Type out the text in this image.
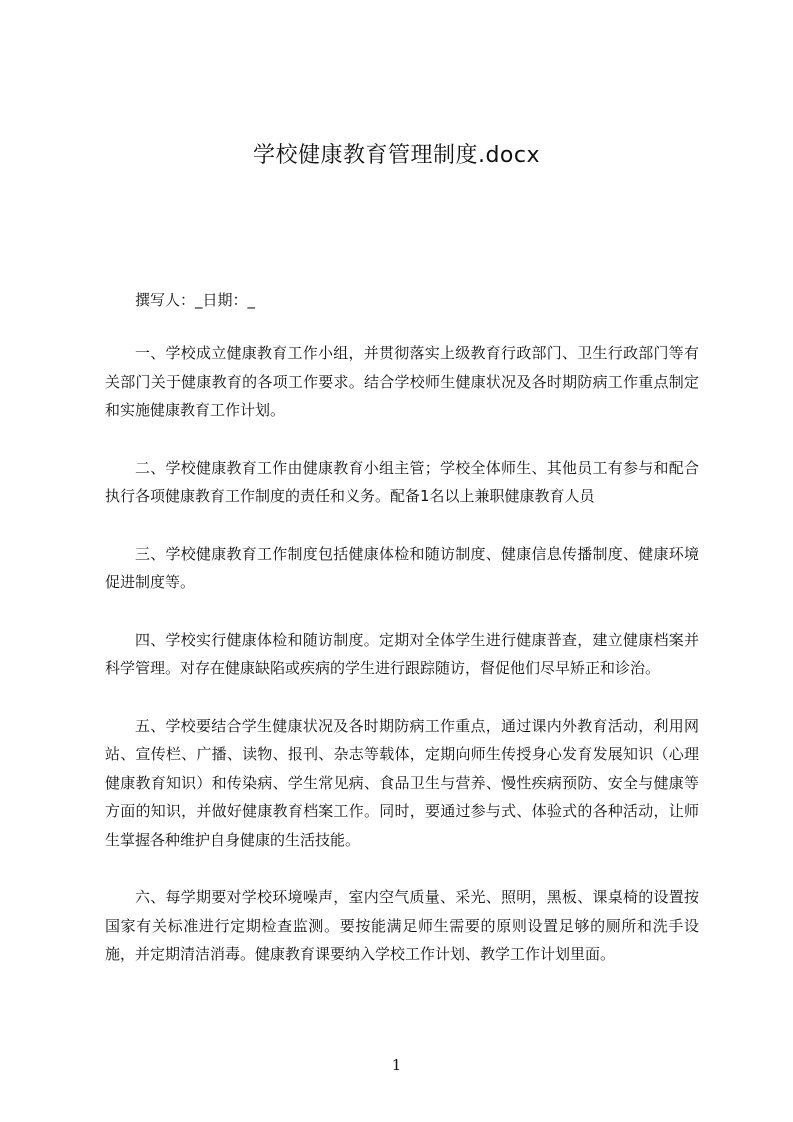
学校健康教育管理制度.docx

撰写人：_日期：_

一、学校成立健康教育工作小组，并贯彻落实上级教育行政部门、卫生行政部门等有关部门关于健康教育的各项工作要求。结合学校师生健康状况及各时期防病工作重点制定和实施健康教育工作计划。

二、学校健康教育工作由健康教育小组主管；学校全体师生、其他员工有参与和配合执行各项健康教育工作制度的责任和义务。配备1名以上兼职健康教育人员

三、学校健康教育工作制度包括健康体检和随访制度、健康信息传播制度、健康环境促进制度等。

四、学校实行健康体检和随访制度。定期对全体学生进行健康普查，建立健康档案并科学管理。对存在健康缺陷或疾病的学生进行跟踪随访，督促他们尽早矫正和诊治。

五、学校要结合学生健康状况及各时期防病工作重点，通过课内外教育活动，利用网站、宣传栏、广播、读物、报刊、杂志等载体，定期向师生传授身心发育发展知识（心理健康教育知识）和传染病、学生常见病、食品卫生与营养、慢性疾病预防、安全与健康等方面的知识，并做好健康教育档案工作。同时，要通过参与式、体验式的各种活动，让师生掌握各种维护自身健康的生活技能。

六、每学期要对学校环境噪声，室内空气质量、采光、照明，黑板、课桌椅的设置按国家有关标准进行定期检查监测。要按能满足师生需要的原则设置足够的厕所和洗手设施，并定期清洁消毒。健康教育课要纳入学校工作计划、教学工作计划里面。

1
